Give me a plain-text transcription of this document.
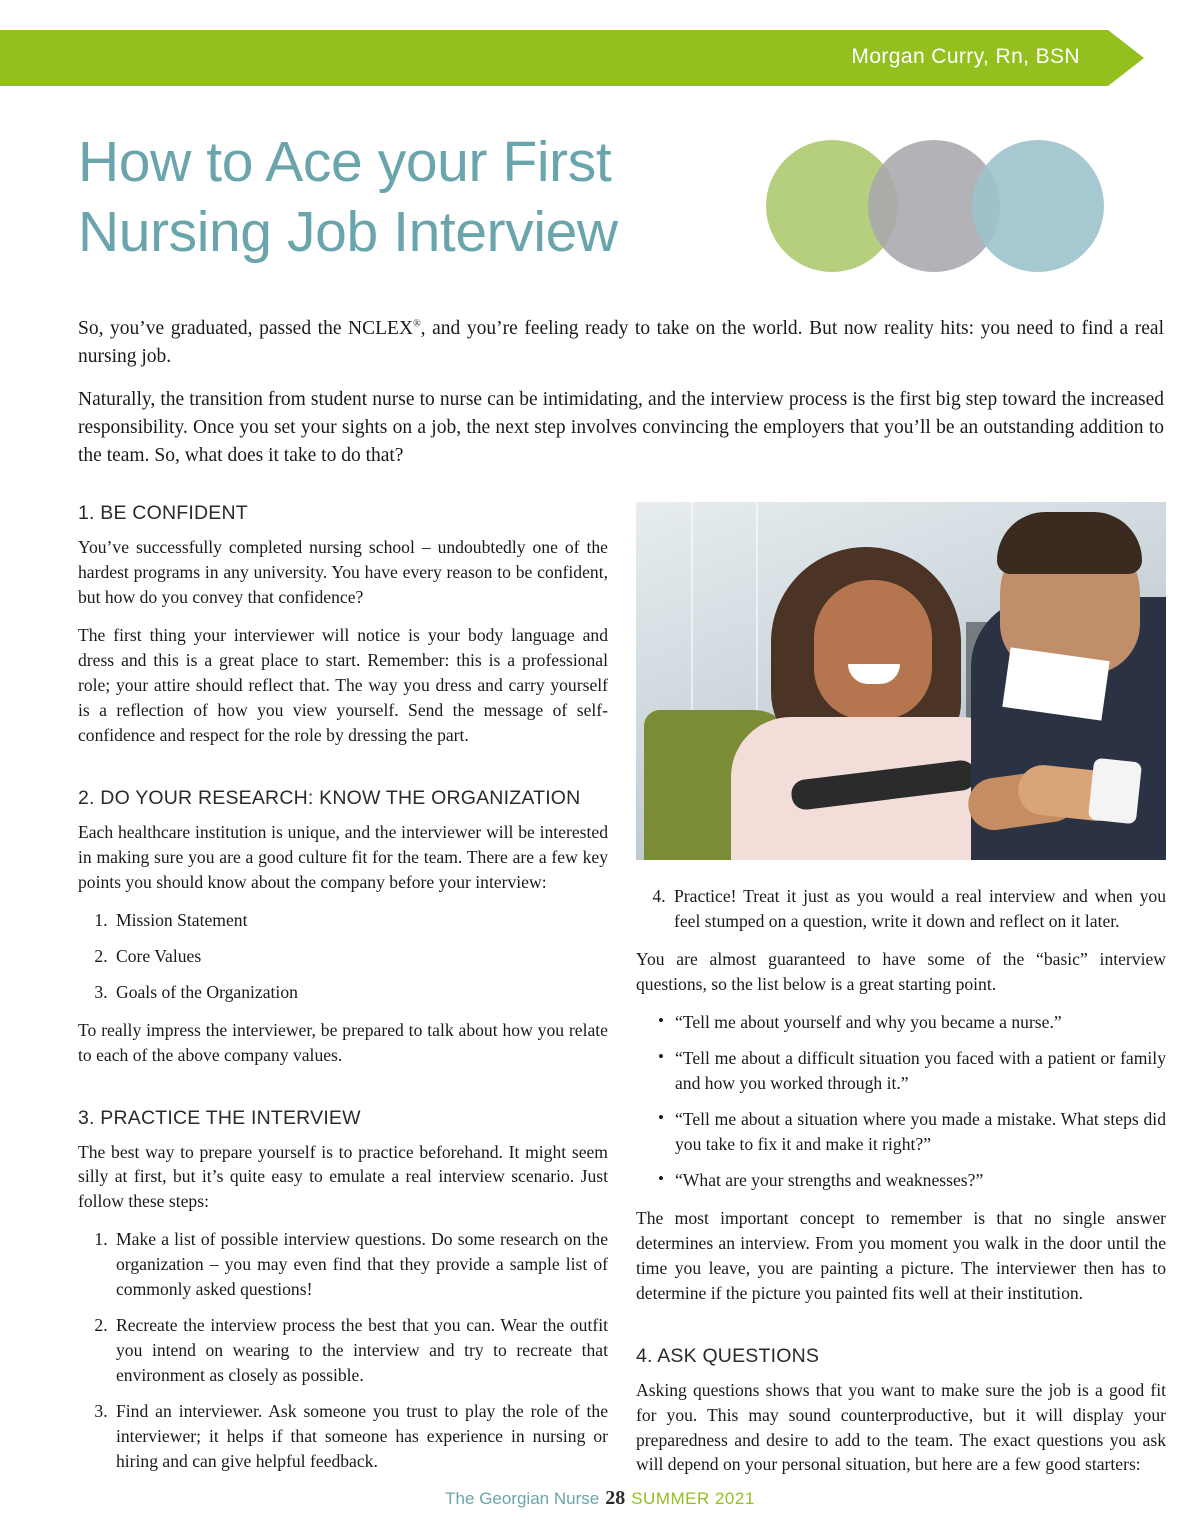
Morgan Curry, Rn, BSN
How to Ace your First
Nursing Job Interview

So, you’ve graduated, passed the NCLEX®, and you’re feeling ready to take on the world. But now reality hits: you need to find a real nursing job.

Naturally, the transition from student nurse to nurse can be intimidating, and the interview process is the first big step toward the increased responsibility. Once you set your sights on a job, the next step involves convincing the employers that you’ll be an outstanding addition to the team. So, what does it take to do that?

1. BE CONFIDENT

You’ve successfully completed nursing school – undoubtedly one of the hardest programs in any university. You have every reason to be confident, but how do you convey that confidence?

The first thing your interviewer will notice is your body language and dress and this is a great place to start. Remember: this is a professional role; your attire should reflect that. The way you dress and carry yourself is a reflection of how you view yourself. Send the message of self-confidence and respect for the role by dressing the part.

2. DO YOUR RESEARCH: KNOW THE ORGANIZATION

Each healthcare institution is unique, and the interviewer will be interested in making sure you are a good culture fit for the team. There are a few key points you should know about the company before your interview:

1. Mission Statement
2. Core Values
3. Goals of the Organization

To really impress the interviewer, be prepared to talk about how you relate to each of the above company values.

3. PRACTICE THE INTERVIEW

The best way to prepare yourself is to practice beforehand. It might seem silly at first, but it’s quite easy to emulate a real interview scenario. Just follow these steps:

1. Make a list of possible interview questions. Do some research on the organization – you may even find that they provide a sample list of commonly asked questions!
2. Recreate the interview process the best that you can. Wear the outfit you intend on wearing to the interview and try to recreate that environment as closely as possible.
3. Find an interviewer. Ask someone you trust to play the role of the interviewer; it helps if that someone has experience in nursing or hiring and can give helpful feedback.
4. Practice! Treat it just as you would a real interview and when you feel stumped on a question, write it down and reflect on it later.

You are almost guaranteed to have some of the “basic” interview questions, so the list below is a great starting point.

• “Tell me about yourself and why you became a nurse.”
• “Tell me about a difficult situation you faced with a patient or family and how you worked through it.”
• “Tell me about a situation where you made a mistake. What steps did you take to fix it and make it right?”
• “What are your strengths and weaknesses?”

The most important concept to remember is that no single answer determines an interview. From you moment you walk in the door until the time you leave, you are painting a picture. The interviewer then has to determine if the picture you painted fits well at their institution.

4. ASK QUESTIONS

Asking questions shows that you want to make sure the job is a good fit for you. This may sound counterproductive, but it will display your preparedness and desire to add to the team. The exact questions you ask will depend on your personal situation, but here are a few good starters:

The Georgian Nurse 28 SUMMER 2021
